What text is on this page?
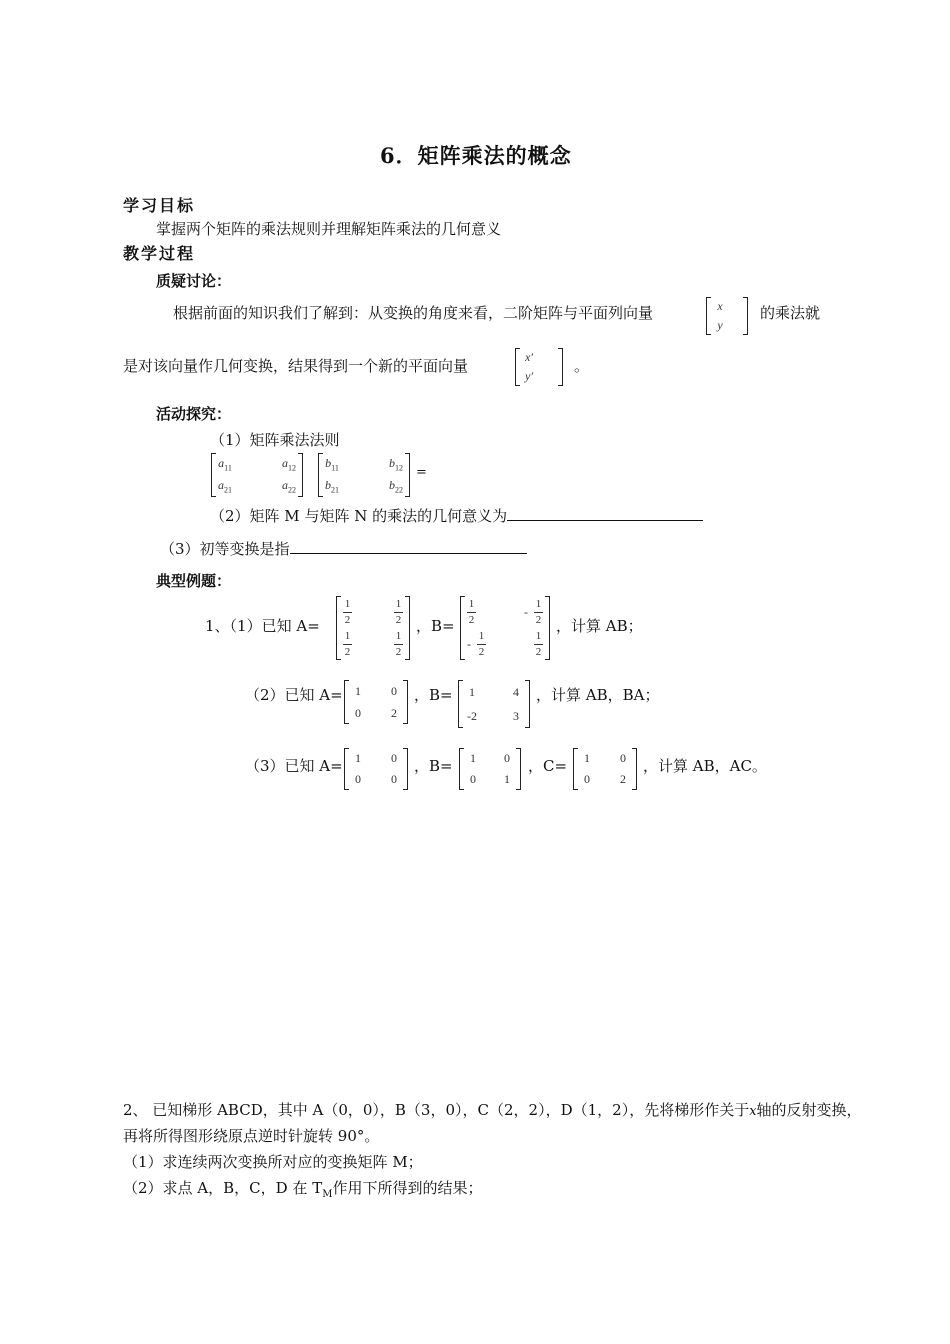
6．矩阵乘法的概念
学习目标
掌握两个矩阵的乘法规则并理解矩阵乘法的几何意义
教学过程
质疑讨论：
根据前面的知识我们了解到：从变换的角度来看，二阶矩阵与平面列向量	x
y
的乘法就
是对该向量作几何变换，结果得到一个新的平面向量	x′
y′
。
活动探究：
（1）矩阵乘法法则
$a_{11}$	$a_{12}$
$a_{21}$	$a_{22}$
$b_{11}$	$b_{12}$
$b_{21}$	$b_{22}$
=
（2）矩阵 M 与矩阵 N 的乘法的几何意义为
（3）初等变换是指
典型例题：
1、（1）已知 A=
$\frac{1}{2}$	$\frac{1}{2}$
$\frac{1}{2}$	$\frac{1}{2}$
，B=
$\frac{1}{2}$	- $\frac{1}{2}$
- $\frac{1}{2}$	$\frac{1}{2}$
，计算 AB；
（2）已知 A=	1	0
0	2
，B=	1	4
-2	3
，计算 AB，BA；
（3）已知 A=	1	0
0	0
，B=	1	0
0	1
，C=	1	0
0	2
，计算 AB，AC。
2、 已知梯形 ABCD，其中 A（0，0），B（3，0），C（2，2），D（1，2），先将梯形作关于x轴的反射变换，
再将所得图形绕原点逆时针旋转 90°。
（1）求连续两次变换所对应的变换矩阵 M；
（2）求点 A，B，C，D 在 $T_M$作用下所得到的结果；
